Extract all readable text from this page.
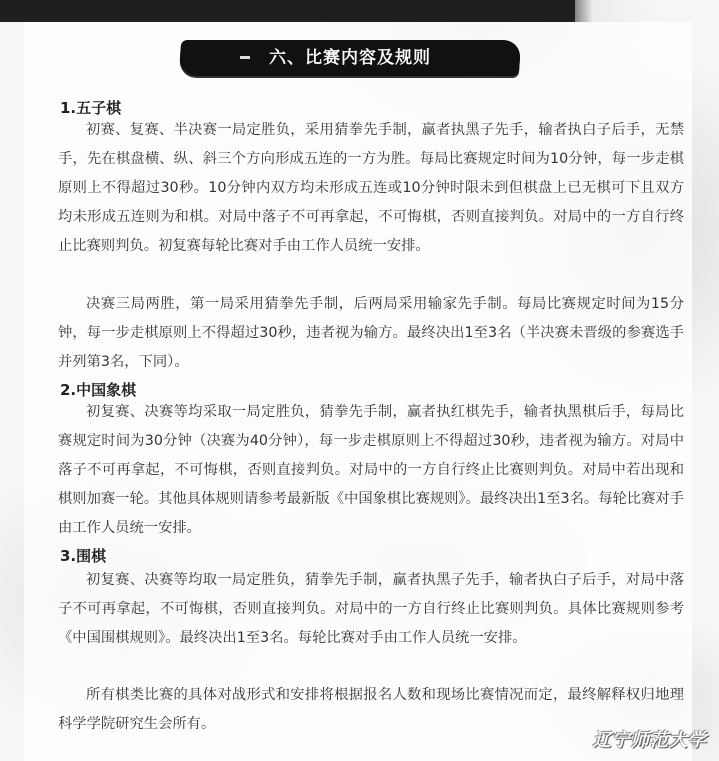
六、比赛内容及规则
1.五子棋

初赛、复赛、半决赛一局定胜负，采用猜拳先手制，赢者执黑子先手，输者执白子后手，无禁手，先在棋盘横、纵、斜三个方向形成五连的一方为胜。每局比赛规定时间为10分钟，每一步走棋原则上不得超过30秒。10分钟内双方均未形成五连或10分钟时限未到但棋盘上已无棋可下且双方均未形成五连则为和棋。对局中落子不可再拿起，不可悔棋，否则直接判负。对局中的一方自行终止比赛则判负。初复赛每轮比赛对手由工作人员统一安排。

决赛三局两胜，第一局采用猜拳先手制，后两局采用输家先手制。每局比赛规定时间为15分钟，每一步走棋原则上不得超过30秒，违者视为输方。最终决出1至3名（半决赛未晋级的参赛选手并列第3名，下同）。

2.中国象棋

初复赛、决赛等均采取一局定胜负，猜拳先手制，赢者执红棋先手，输者执黑棋后手，每局比赛规定时间为30分钟（决赛为40分钟），每一步走棋原则上不得超过30秒，违者视为输方。对局中落子不可再拿起，不可悔棋，否则直接判负。对局中的一方自行终止比赛则判负。对局中若出现和棋则加赛一轮。其他具体规则请参考最新版《中国象棋比赛规则》。最终决出1至3名。每轮比赛对手由工作人员统一安排。

3.围棋

初复赛、决赛等均取一局定胜负，猜拳先手制，赢者执黑子先手，输者执白子后手，对局中落子不可再拿起，不可悔棋，否则直接判负。对局中的一方自行终止比赛则判负。具体比赛规则参考《中国围棋规则》。最终决出1至3名。每轮比赛对手由工作人员统一安排。

所有棋类比赛的具体对战形式和安排将根据报名人数和现场比赛情况而定，最终解释权归地理科学学院研究生会所有。

辽宁师范大学
